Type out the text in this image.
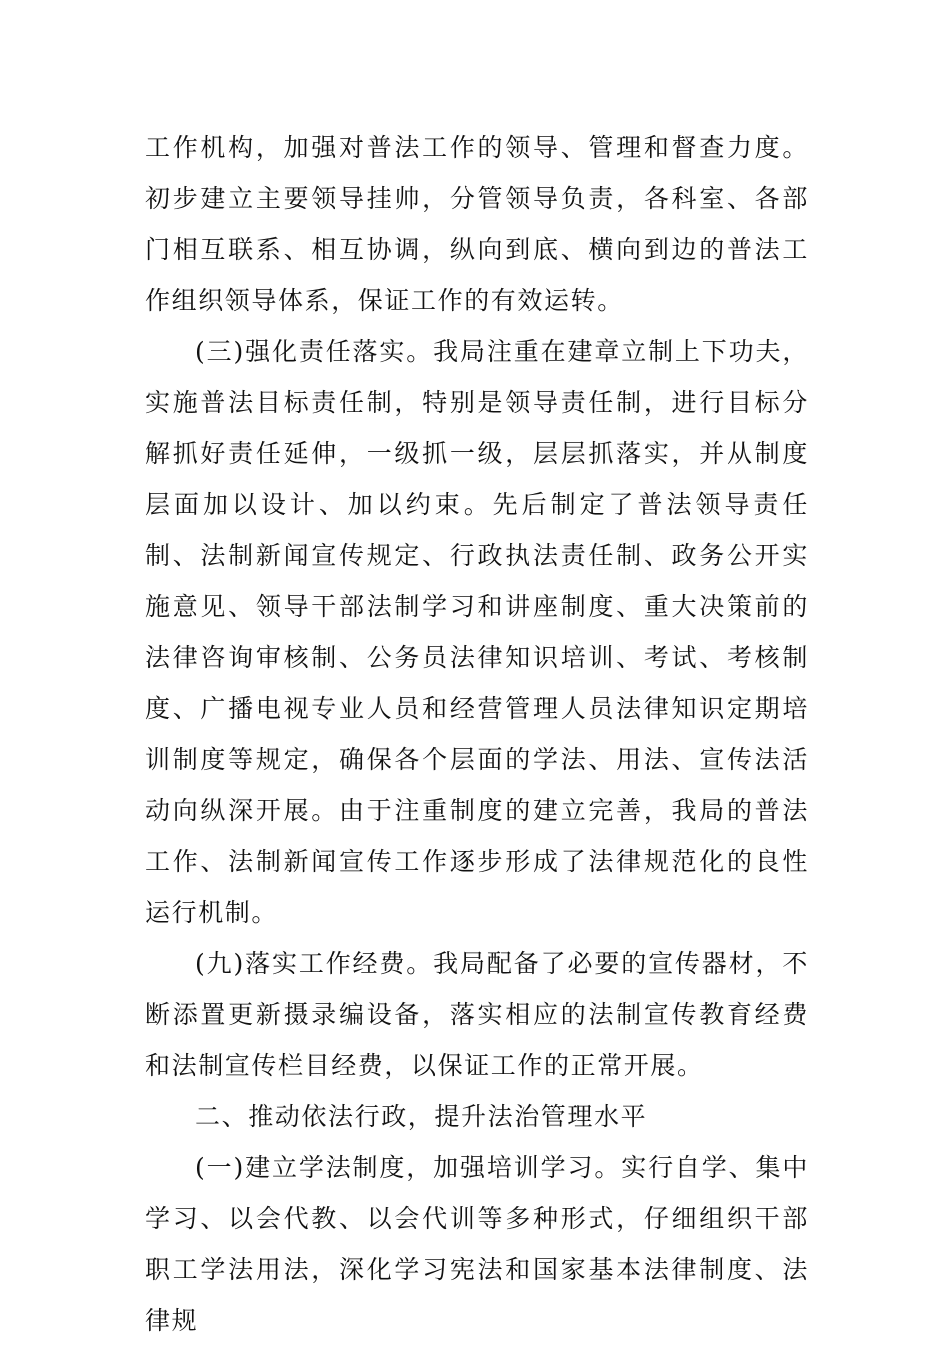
工作机构，加强对普法工作的领导、管理和督查力度。初步建立主要领导挂帅，分管领导负责，各科室、各部门相互联系、相互协调，纵向到底、横向到边的普法工作组织领导体系，保证工作的有效运转。

(三)强化责任落实。我局注重在建章立制上下功夫，实施普法目标责任制，特别是领导责任制，进行目标分解抓好责任延伸，一级抓一级，层层抓落实，并从制度层面加以设计、加以约束。先后制定了普法领导责任制、法制新闻宣传规定、行政执法责任制、政务公开实施意见、领导干部法制学习和讲座制度、重大决策前的法律咨询审核制、公务员法律知识培训、考试、考核制度、广播电视专业人员和经营管理人员法律知识定期培训制度等规定，确保各个层面的学法、用法、宣传法活动向纵深开展。由于注重制度的建立完善，我局的普法工作、法制新闻宣传工作逐步形成了法律规范化的良性运行机制。

(九)落实工作经费。我局配备了必要的宣传器材，不断添置更新摄录编设备，落实相应的法制宣传教育经费和法制宣传栏目经费，以保证工作的正常开展。

二、推动依法行政，提升法治管理水平

(一)建立学法制度，加强培训学习。实行自学、集中学习、以会代教、以会代训等多种形式，仔细组织干部职工学法用法，深化学习宪法和国家基本法律制度、法律规
